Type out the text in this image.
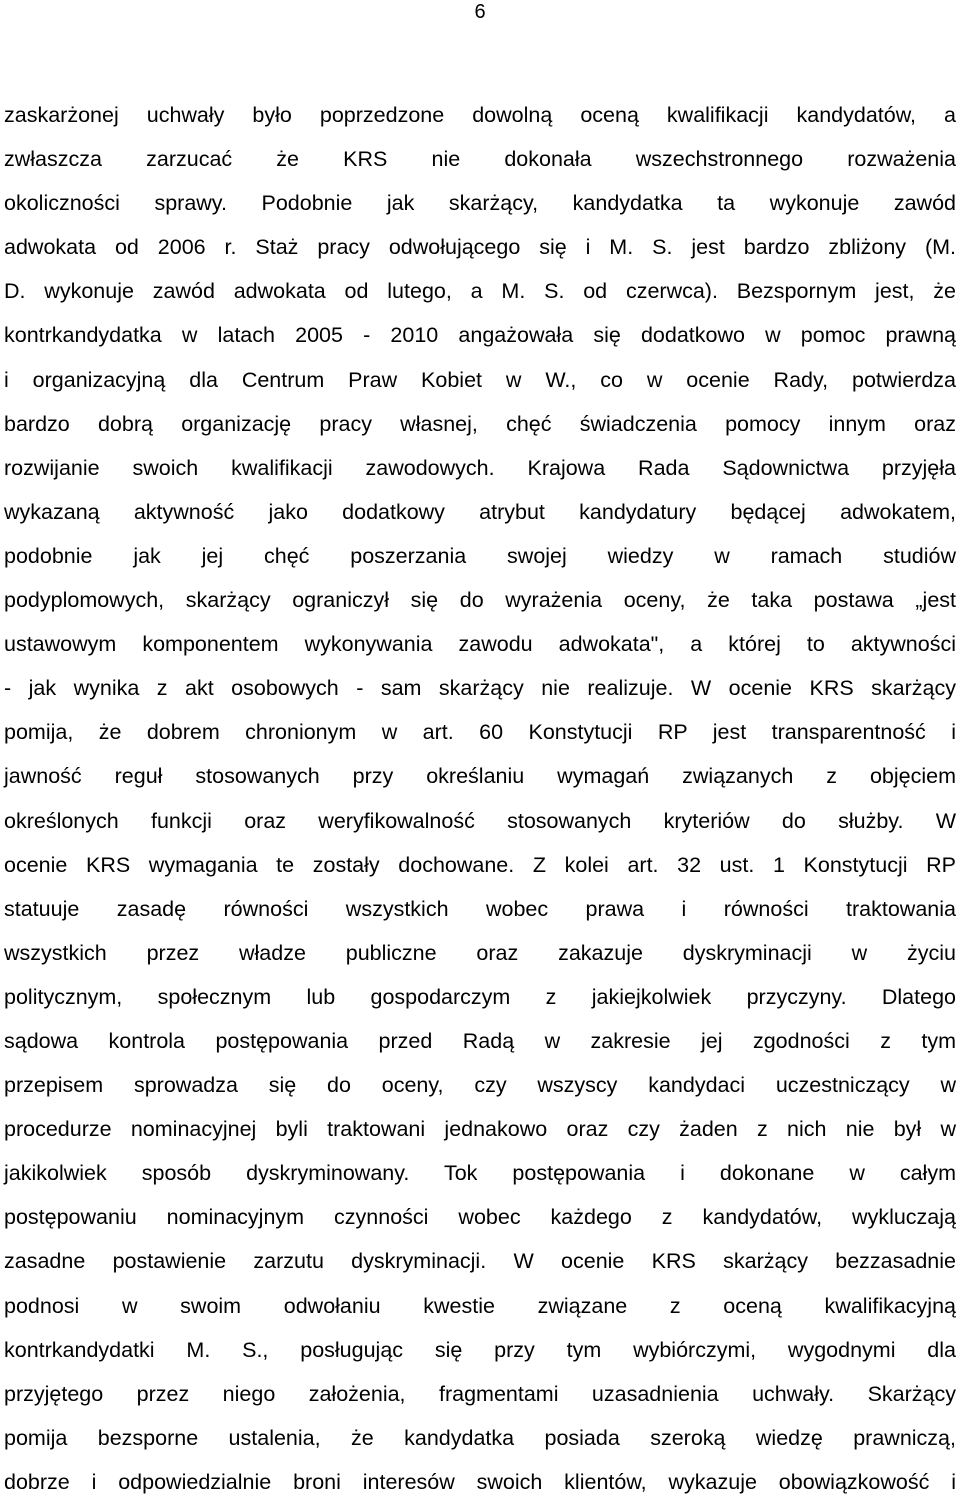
6
zaskarżonej uchwały było poprzedzone dowolną oceną kwalifikacji kandydatów, a
zwłaszcza zarzucać że KRS nie dokonała wszechstronnego rozważenia
okoliczności sprawy. Podobnie jak skarżący, kandydatka ta wykonuje zawód
adwokata od 2006 r. Staż pracy odwołującego się i M. S. jest bardzo zbliżony (M.
D. wykonuje zawód adwokata od lutego, a M. S. od czerwca). Bezspornym jest, że
kontrkandydatka w latach 2005 - 2010 angażowała się dodatkowo w pomoc prawną
i organizacyjną dla Centrum Praw Kobiet w W., co w ocenie Rady, potwierdza
bardzo dobrą organizację pracy własnej, chęć świadczenia pomocy innym oraz
rozwijanie swoich kwalifikacji zawodowych. Krajowa Rada Sądownictwa przyjęła
wykazaną aktywność jako dodatkowy atrybut kandydatury będącej adwokatem,
podobnie jak jej chęć poszerzania swojej wiedzy w ramach studiów
podyplomowych, skarżący ograniczył się do wyrażenia oceny, że taka postawa „jest
ustawowym komponentem wykonywania zawodu adwokata", a której to aktywności
- jak wynika z akt osobowych - sam skarżący nie realizuje. W ocenie KRS skarżący
pomija, że dobrem chronionym w art. 60 Konstytucji RP jest transparentność i
jawność reguł stosowanych przy określaniu wymagań związanych z objęciem
określonych funkcji oraz weryfikowalność stosowanych kryteriów do służby. W
ocenie KRS wymagania te zostały dochowane. Z kolei art. 32 ust. 1 Konstytucji RP
statuuje zasadę równości wszystkich wobec prawa i równości traktowania
wszystkich przez władze publiczne oraz zakazuje dyskryminacji w życiu
politycznym, społecznym lub gospodarczym z jakiejkolwiek przyczyny. Dlatego
sądowa kontrola postępowania przed Radą w zakresie jej zgodności z tym
przepisem sprowadza się do oceny, czy wszyscy kandydaci uczestniczący w
procedurze nominacyjnej byli traktowani jednakowo oraz czy żaden z nich nie był w
jakikolwiek sposób dyskryminowany. Tok postępowania i dokonane w całym
postępowaniu nominacyjnym czynności wobec każdego z kandydatów, wykluczają
zasadne postawienie zarzutu dyskryminacji. W ocenie KRS skarżący bezzasadnie
podnosi w swoim odwołaniu kwestie związane z oceną kwalifikacyjną
kontrkandydatki M. S., posługując się przy tym wybiórczymi, wygodnymi dla
przyjętego przez niego założenia, fragmentami uzasadnienia uchwały. Skarżący
pomija bezsporne ustalenia, że kandydatka posiada szeroką wiedzę prawniczą,
dobrze i odpowiedzialnie broni interesów swoich klientów, wykazuje obowiązkowość i
